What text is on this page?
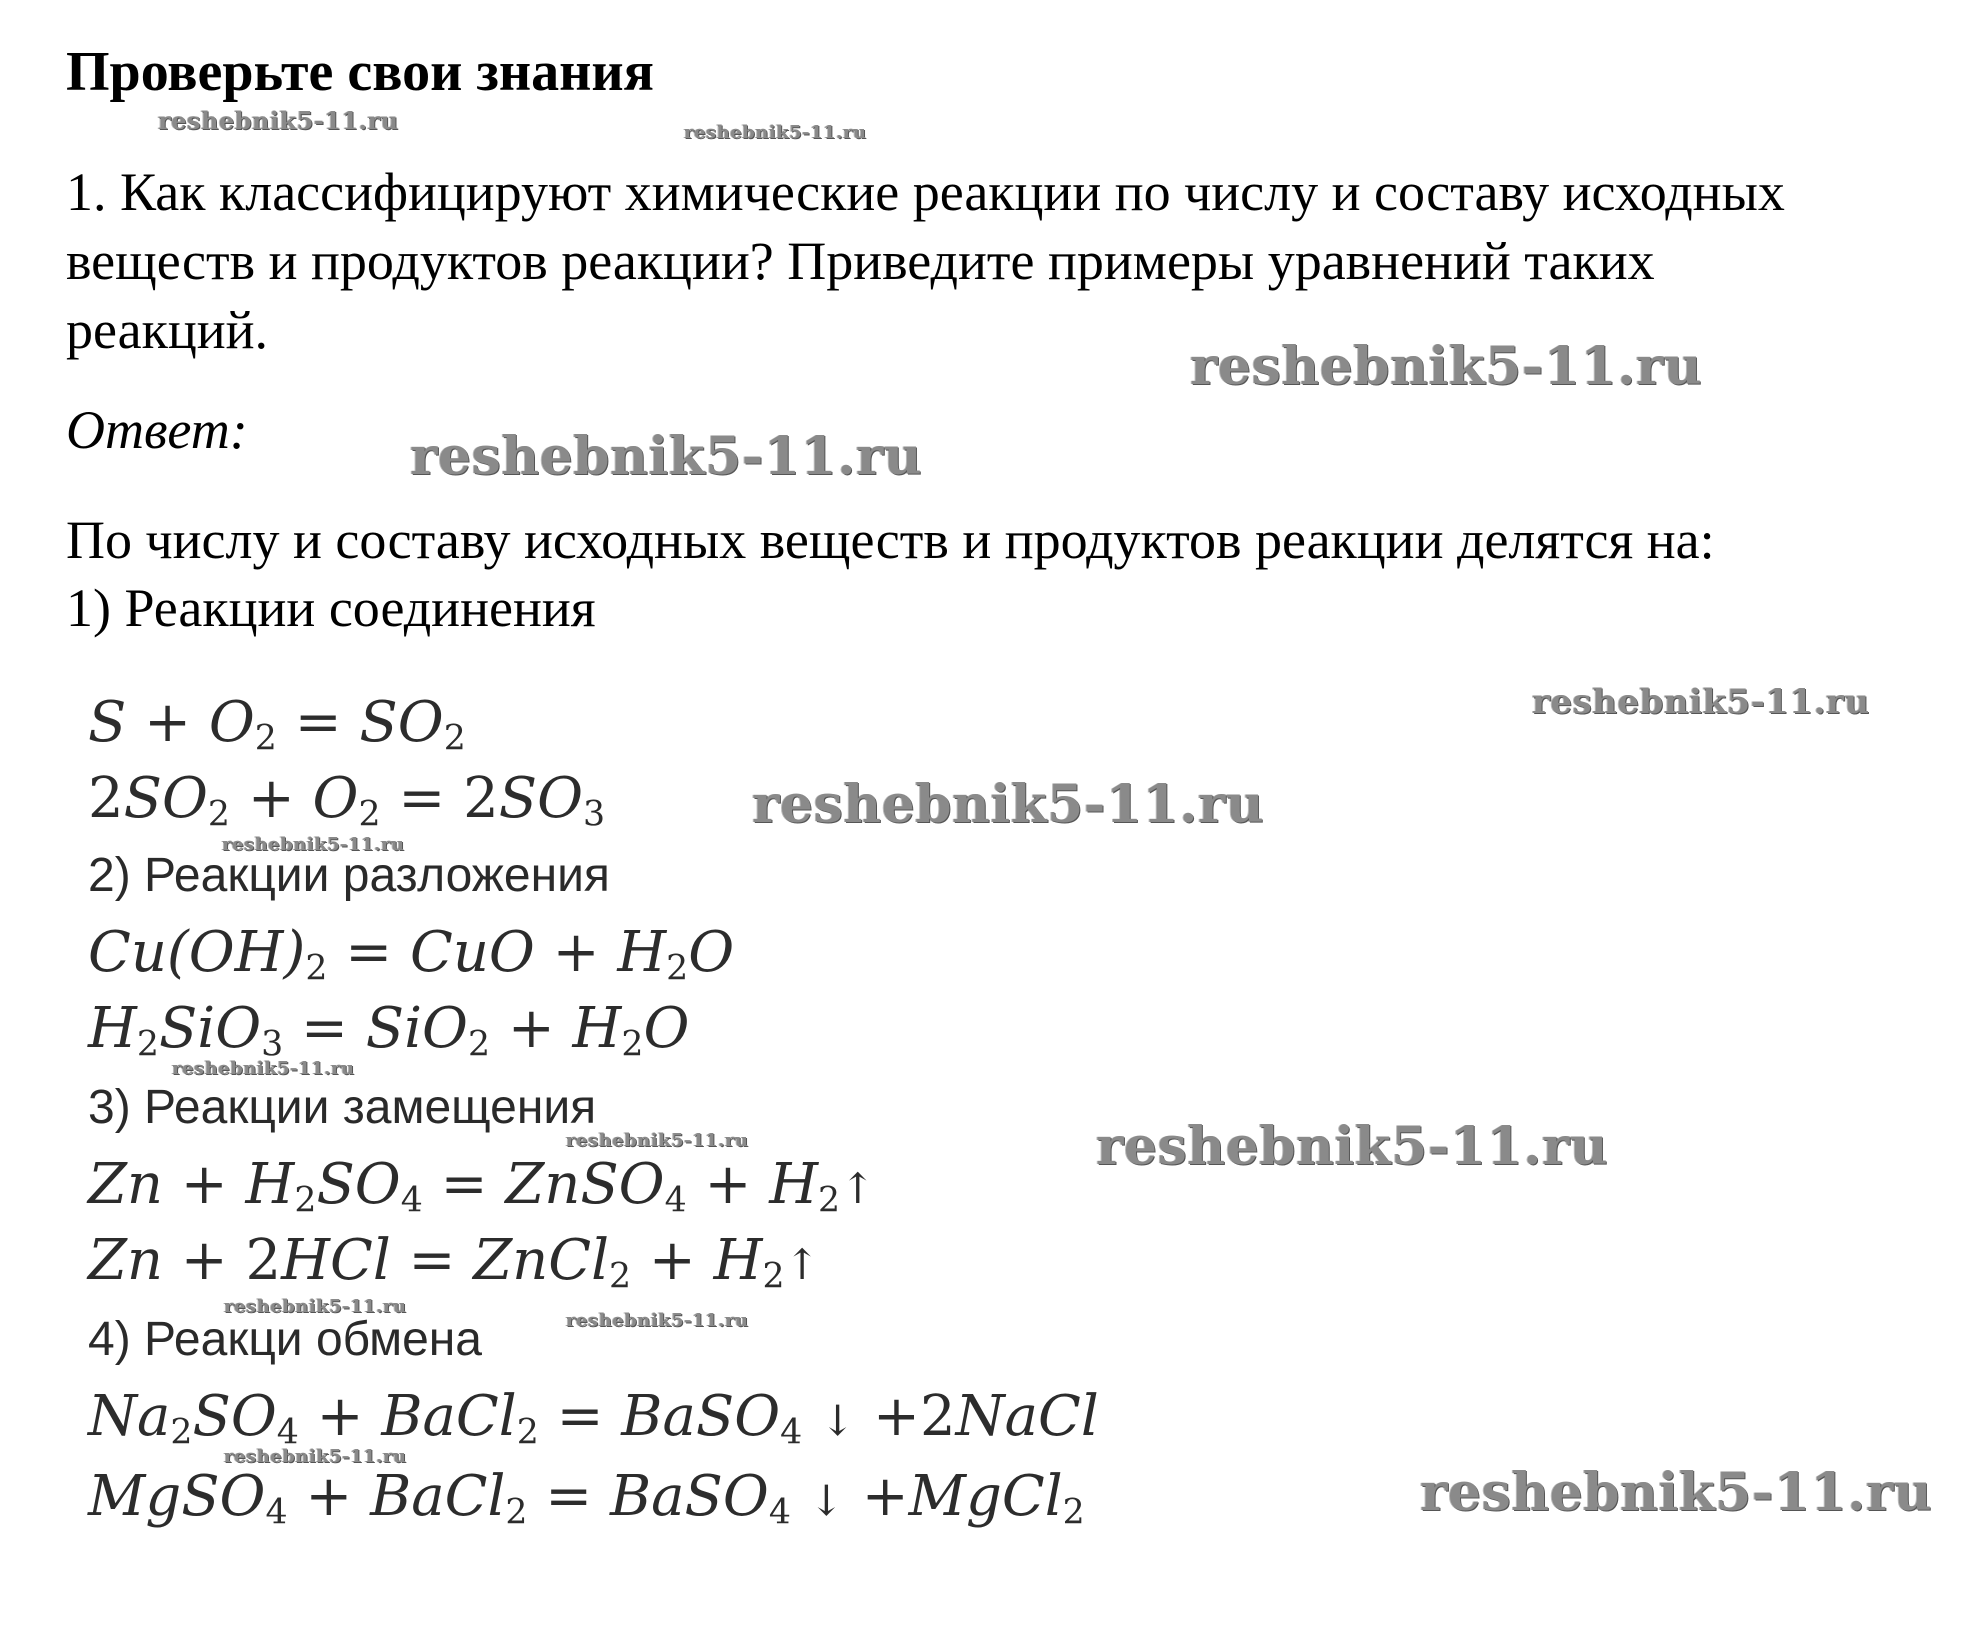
Проверьте свои знания
1. Как классифицируют химические реакции по числу и составу исходных
веществ и продуктов реакции? Приведите примеры уравнений таких
реакций.
Ответ:
По числу и составу исходных веществ и продуктов реакции делятся на:
1) Реакции соединения
$S + O_2 = SO_2$
$2SO_2 + O_2 = 2SO_3$
2) Реакции разложения
$Cu(OH)_2$ = CuO + $H_2O$
$H_2SiO_3 = SiO_2 + H_2O$
3) Реакции замещения
$Zn + H_2SO_4$ = ZnSO$_4$ + $H_2↑$
Zn + 2HCl = ZnCl$_2$ + $H_2↑$
4) Реакци обмена
$Na_2SO_4$ + BaCl$_2$ = BaSO$_4$ ↓ +2NaCl
MgSO$_4$ + BaCl$_2$ = BaSO$_4$ ↓ +MgCl$_2$
reshebnik5-11.ru	reshebnik5-11.ru
reshebnik5-11.ru
reshebnik5-11.ru
reshebnik5-11.ru
reshebnik5-11.ru
reshebnik5-11.ru
reshebnik5-11.ru
reshebnik5-11.ru	reshebnik5-11.ru
reshebnik5-11.ru
reshebnik5-11.ru
reshebnik5-11.ru
reshebnik5-11.ru
